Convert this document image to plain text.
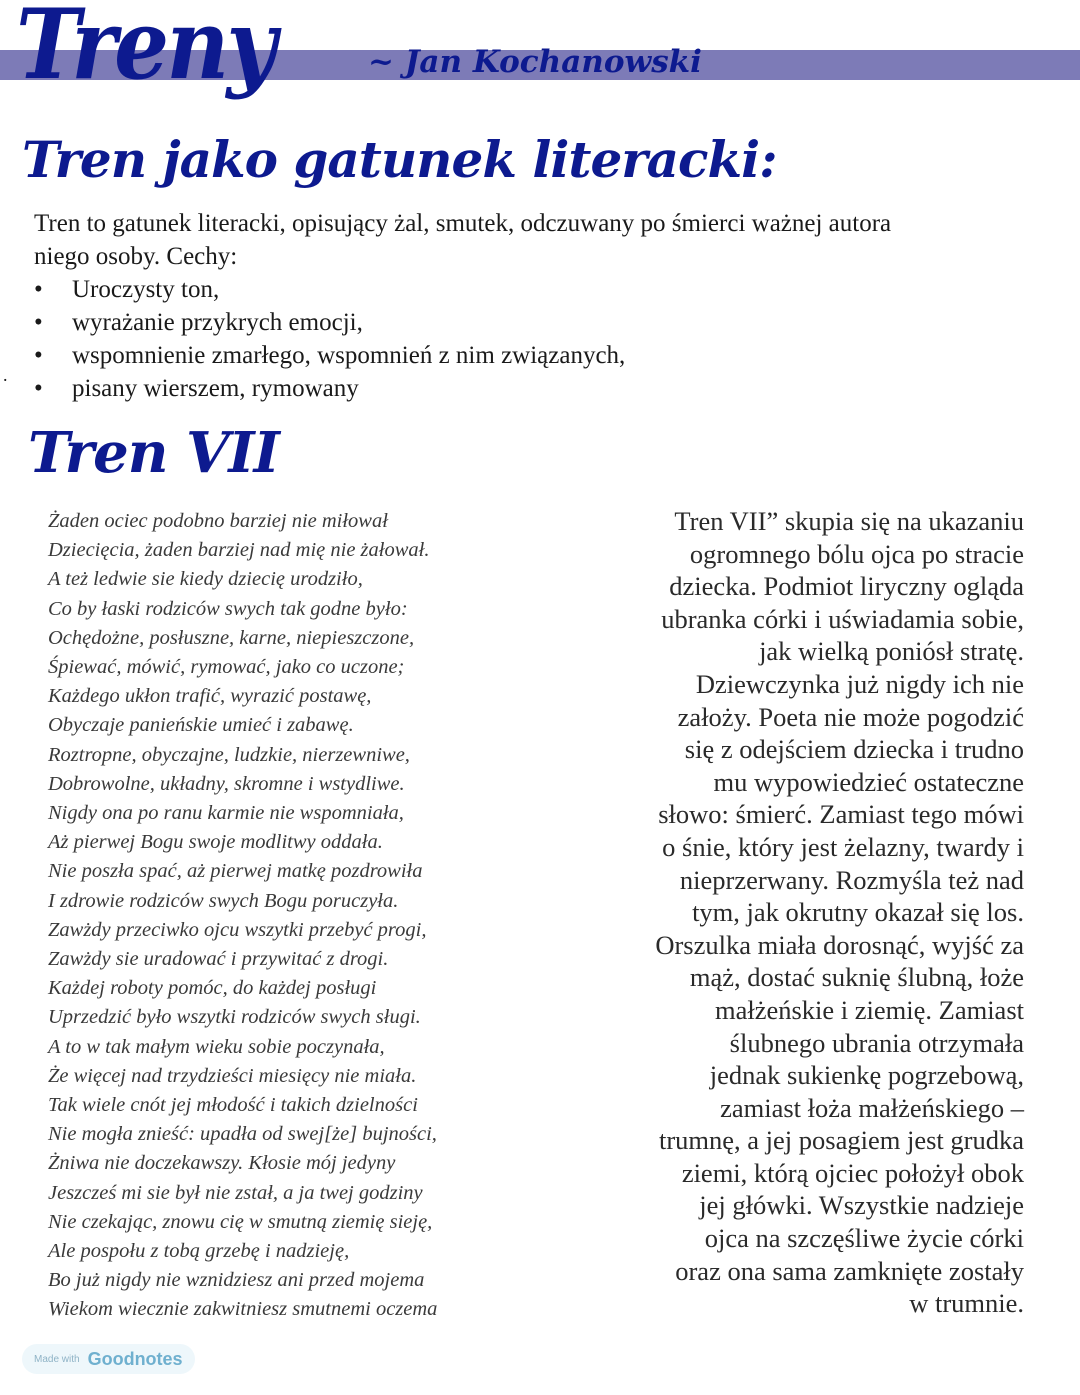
Treny	~ Jan Kochanowski
Tren jako gatunek literacki:

Tren to gatunek literacki, opisujący żal, smutek, odczuwany po śmierci ważnej autora

niego osoby. Cechy:

• Uroczysty ton,
• wyrażanie przykrych emocji,
• wspomnienie zmarłego, wspomnień z nim związanych,
• pisany wierszem, rymowany
.
Tren VII
Żaden ociec podobno barziej nie miłował
Dziecięcia, żaden barziej nad mię nie żałował.
A też ledwie sie kiedy dziecię urodziło,
Co by łaski rodziców swych tak godne było:
Ochędożne, posłuszne, karne, niepieszczone,
Śpiewać, mówić, rymować, jako co uczone;
Każdego ukłon trafić, wyrazić postawę,
Obyczaje panieńskie umieć i zabawę.
Roztropne, obyczajne, ludzkie, nierzewniwe,
Dobrowolne, układny, skromne i wstydliwe.
Nigdy ona po ranu karmie nie wspomniała,
Aż pierwej Bogu swoje modlitwy oddała.
Nie poszła spać, aż pierwej matkę pozdrowiła
I zdrowie rodziców swych Bogu poruczyła.
Zawżdy przeciwko ojcu wszytki przebyć progi,
Zawżdy sie uradować i przywitać z drogi.
Każdej roboty pomóc, do każdej posługi
Uprzedzić było wszytki rodziców swych sługi.
A to w tak małym wieku sobie poczynała,
Że więcej nad trzydzieści miesięcy nie miała.
Tak wiele cnót jej młodość i takich dzielności
Nie mogła znieść: upadła od swej[że] bujności,
Żniwa nie doczekawszy. Kłosie mój jedyny
Jeszcześ mi sie był nie zstał, a ja twej godziny
Nie czekając, znowu cię w smutną ziemię sieję,
Ale pospołu z tobą grzebę i nadzieję,
Bo już nigdy nie wznidziesz ani przed mojema
Wiekom wiecznie zakwitniesz smutnemi oczema
Tren VII” skupia się na ukazaniu
ogromnego bólu ojca po stracie
dziecka. Podmiot liryczny ogląda
ubranka córki i uświadamia sobie,
jak wielką poniósł stratę.
Dziewczynka już nigdy ich nie
założy. Poeta nie może pogodzić
się z odejściem dziecka i trudno
mu wypowiedzieć ostateczne
słowo: śmierć. Zamiast tego mówi
o śnie, który jest żelazny, twardy i
nieprzerwany. Rozmyśla też nad
tym, jak okrutny okazał się los.
Orszulka miała dorosnąć, wyjść za
mąż, dostać suknię ślubną, łoże
małżeńskie i ziemię. Zamiast
ślubnego ubrania otrzymała
jednak sukienkę pogrzebową,
zamiast łoża małżeńskiego –
trumnę, a jej posagiem jest grudka
ziemi, którą ojciec położył obok
jej główki. Wszystkie nadzieje
ojca na szczęśliwe życie córki
oraz ona sama zamknięte zostały
w trumnie.
Made with Goodnotes
